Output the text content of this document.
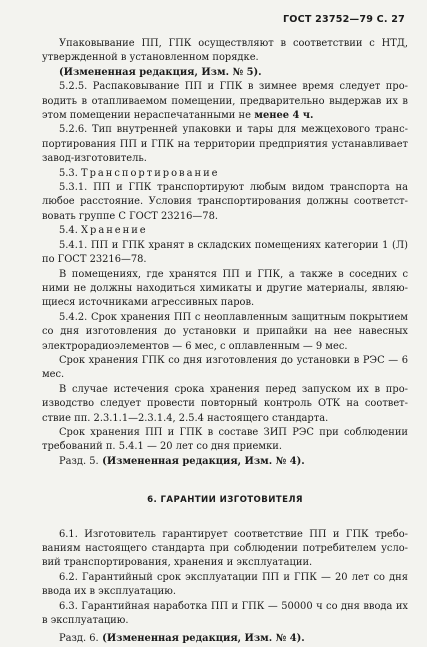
ГОСТ 23752—79 С. 27

Упаковывание ПП, ГПК осуществляют в соответствии с НТД, утвержденной в установленном порядке.

(Измененная редакция, Изм. № 5).

5.2.5. Распаковывание ПП и ГПК в зимнее время следует проводить в отапливаемом помещении, предварительно выдержав их в этом помещении нераспечатанными не менее 4 ч.

5.2.6. Тип внутренней упаковки и тары для межцехового транспортирования ПП и ГПК на территории предприятия устанавливает завод-изготовитель.

5.3. Транспортирование

5.3.1. ПП и ГПК транспортируют любым видом транспорта на любое расстояние. Условия транспортирования должны соответствовать группе С ГОСТ 23216—78.

5.4. Хранение

5.4.1. ПП и ГПК хранят в складских помещениях категории 1 (Л) по ГОСТ 23216—78.

В помещениях, где хранятся ПП и ГПК, а также в соседних с ними не должны находиться химикаты и другие материалы, являющиеся источниками агрессивных паров.

5.4.2. Срок хранения ПП с неоплавленным защитным покрытием со дня изготовления до установки и припайки на нее навесных электрорадиоэлементов — 6 мес, с оплавленным — 9 мес.

Срок хранения ГПК со дня изготовления до установки в РЭС — 6 мес.

В случае истечения срока хранения перед запуском их в производство следует провести повторный контроль ОТК на соответствие пп. 2.3.1.1—2.3.1.4, 2.5.4 настоящего стандарта.

Срок хранения ПП и ГПК в составе ЗИП РЭС при соблюдении требований п. 5.4.1 — 20 лет со дня приемки.

Разд. 5. (Измененная редакция, Изм. № 4).

6. ГАРАНТИИ ИЗГОТОВИТЕЛЯ

6.1. Изготовитель гарантирует соответствие ПП и ГПК требованиям настоящего стандарта при соблюдении потребителем условий транспортирования, хранения и эксплуатации.

6.2. Гарантийный срок эксплуатации ПП и ГПК — 20 лет со дня ввода их в эксплуатацию.

6.3. Гарантийная наработка ПП и ГПК — 50000 ч со дня ввода их в эксплуатацию.

Разд. 6. (Измененная редакция, Изм. № 4).
